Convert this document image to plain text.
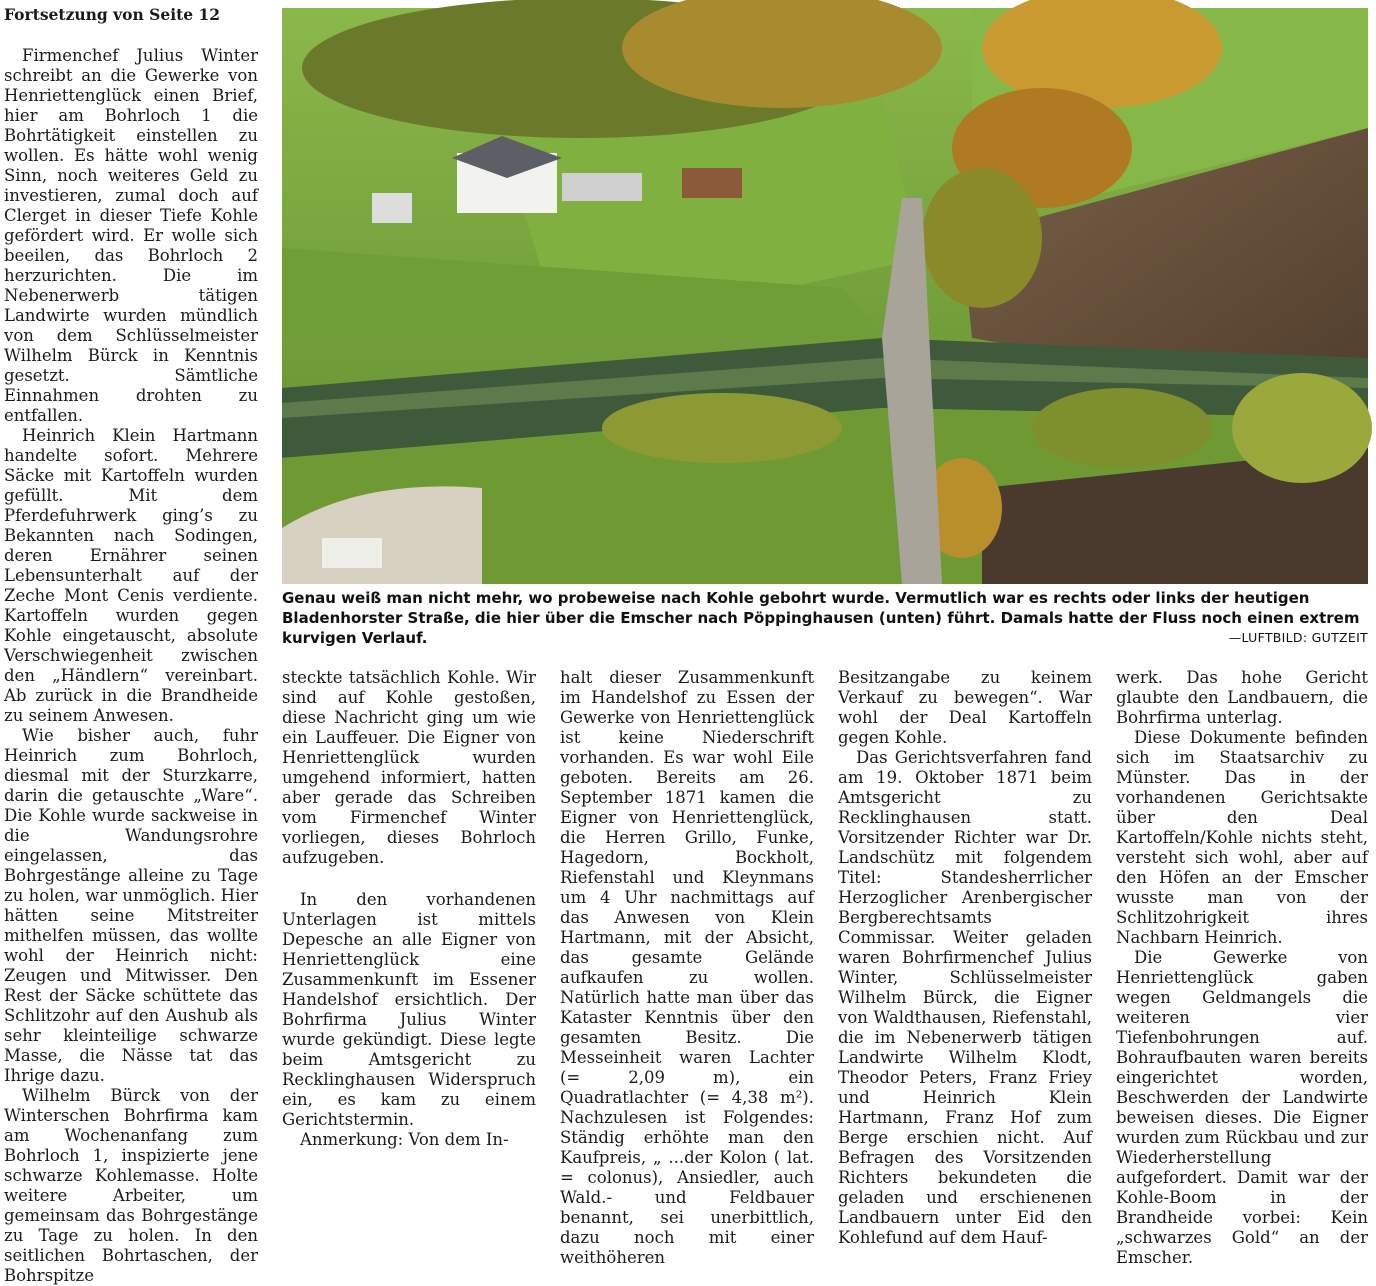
Fortsetzung von Seite 12

Firmenchef Julius Winter schreibt an die Gewerke von Henriettenglück einen Brief, hier am Bohrloch 1 die Bohrtätigkeit einstellen zu wollen. Es hätte wohl wenig Sinn, noch weiteres Geld zu investieren, zumal doch auf Clerget in dieser Tiefe Kohle gefördert wird. Er wolle sich beeilen, das Bohrloch 2 herzurichten. Die im Nebenerwerb tätigen Landwirte wurden mündlich von dem Schlüsselmeister Wilhelm Bürck in Kenntnis gesetzt. Sämtliche Einnahmen drohten zu entfallen.

Heinrich Klein Hartmann handelte sofort. Mehrere Säcke mit Kartoffeln wurden gefüllt. Mit dem Pferdefuhrwerk ging’s zu Bekannten nach Sodingen, deren Ernährer seinen Lebensunterhalt auf der Zeche Mont Cenis verdiente. Kartoffeln wurden gegen Kohle eingetauscht, absolute Verschwiegenheit zwischen den „Händlern“ vereinbart. Ab zurück in die Brandheide zu seinem Anwesen.

Wie bisher auch, fuhr Heinrich zum Bohrloch, diesmal mit der Sturzkarre, darin die getauschte „Ware“. Die Kohle wurde sackweise in die Wandungsrohre eingelassen, das Bohrgestänge alleine zu Tage zu holen, war unmöglich. Hier hätten seine Mitstreiter mithelfen müssen, das wollte wohl der Heinrich nicht: Zeugen und Mitwisser. Den Rest der Säcke schüttete das Schlitzohr auf den Aushub als sehr kleinteilige schwarze Masse, die Nässe tat das Ihrige dazu.

Wilhelm Bürck von der Winterschen Bohrfirma kam am Wochenanfang zum Bohrloch 1, inspizierte jene schwarze Kohlemasse. Holte weitere Arbeiter, um gemeinsam das Bohrgestänge zu Tage zu holen. In den seitlichen Bohrtaschen, der Bohrspitze

Genau weiß man nicht mehr, wo probeweise nach Kohle gebohrt wurde. Vermutlich war es rechts oder links der heutigen Bladenhorster Straße, die hier über die Emscher nach Pöppinghausen (unten) führt. Damals hatte der Fluss noch einen extrem kurvigen Verlauf.	—LUFTBILD: GUTZEIT

steckte tatsächlich Kohle. Wir sind auf Kohle gestoßen, diese Nachricht ging um wie ein Lauffeuer. Die Eigner von Henriettenglück wurden umgehend informiert, hatten aber gerade das Schreiben vom Firmenchef Winter vorliegen, dieses Bohrloch aufzugeben.

In den vorhandenen Unterlagen ist mittels Depesche an alle Eigner von Henriettenglück eine Zusammenkunft im Essener Handelshof ersichtlich. Der Bohrfirma Julius Winter wurde gekündigt. Diese legte beim Amtsgericht zu Recklinghausen Widerspruch ein, es kam zu einem Gerichtstermin.

Anmerkung: Von dem In-

halt dieser Zusammenkunft im Handelshof zu Essen der Gewerke von Henriettenglück ist keine Niederschrift vorhanden. Es war wohl Eile geboten. Bereits am 26. September 1871 kamen die Eigner von Henriettenglück, die Herren Grillo, Funke, Hagedorn, Bockholt, Riefenstahl und Kleynmans um 4 Uhr nachmittags auf das Anwesen von Klein Hartmann, mit der Absicht, das gesamte Gelände aufkaufen zu wollen. Natürlich hatte man über das Kataster Kenntnis über den gesamten Besitz. Die Messeinheit waren Lachter (= 2,09 m), ein Quadratlachter (= 4,38 m²). Nachzulesen ist Folgendes: Ständig erhöhte man den Kaufpreis, „ ...der Kolon ( lat. = colonus), Ansiedler, auch Wald.- und Feldbauer benannt, sei unerbittlich, dazu noch mit einer weithöheren

Besitzangabe zu keinem Verkauf zu bewegen“. War wohl der Deal Kartoffeln gegen Kohle.

Das Gerichtsverfahren fand am 19. Oktober 1871 beim Amtsgericht zu Recklinghausen statt. Vorsitzender Richter war Dr. Landschütz mit folgendem Titel: Standesherrlicher Herzoglicher Arenbergischer Bergberechtsamts Commissar. Weiter geladen waren Bohrfirmenchef Julius Winter, Schlüsselmeister Wilhelm Bürck, die Eigner von Waldthausen, Riefenstahl, die im Nebenerwerb tätigen Landwirte Wilhelm Klodt, Theodor Peters, Franz Friey und Heinrich Klein Hartmann, Franz Hof zum Berge erschien nicht. Auf Befragen des Vorsitzenden Richters bekundeten die geladen und erschienenen Landbauern unter Eid den Kohlefund auf dem Hauf-

werk. Das hohe Gericht glaubte den Landbauern, die Bohrfirma unterlag.

Diese Dokumente befinden sich im Staatsarchiv zu Münster. Das in der vorhandenen Gerichtsakte über den Deal Kartoffeln/Kohle nichts steht, versteht sich wohl, aber auf den Höfen an der Emscher wusste man von der Schlitzohrigkeit ihres Nachbarn Heinrich.

Die Gewerke von Henriettenglück gaben wegen Geldmangels die weiteren vier Tiefenbohrungen auf. Bohraufbauten waren bereits eingerichtet worden, Beschwerden der Landwirte beweisen dieses. Die Eigner wurden zum Rückbau und zur Wiederherstellung aufgefordert. Damit war der Kohle-Boom in der Brandheide vorbei: Kein „schwarzes Gold“ an der Emscher.
